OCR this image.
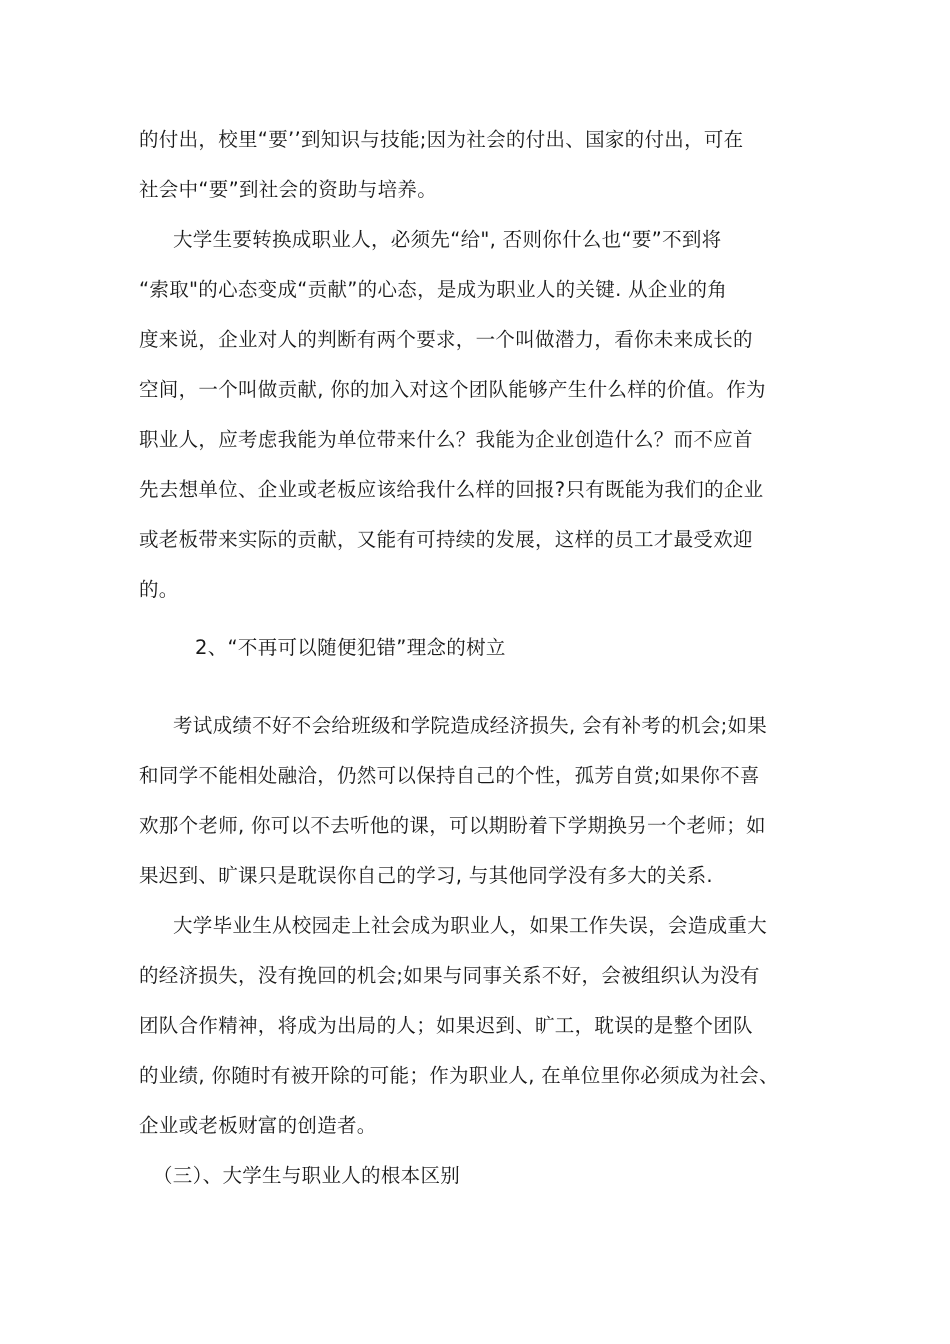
的付出，校里“要’’到知识与技能;因为社会的付出、国家的付出，可在
社会中“要”到社会的资助与培养。
大学生要转换成职业人，必须先“给", 否则你什么也“要”不到将
“索取"的心态变成“贡献”的心态，是成为职业人的关键. 从企业的角
度来说，企业对人的判断有两个要求，一个叫做潜力，看你未来成长的
空间，一个叫做贡献, 你的加入对这个团队能够产生什么样的价值。作为
职业人，应考虑我能为单位带来什么？我能为企业创造什么？而不应首
先去想单位、企业或老板应该给我什么样的回报?只有既能为我们的企业
或老板带来实际的贡献，又能有可持续的发展，这样的员工才最受欢迎
的。
2、“不再可以随便犯错”理念的树立
考试成绩不好不会给班级和学院造成经济损失, 会有补考的机会;如果
和同学不能相处融洽，仍然可以保持自己的个性，孤芳自赏;如果你不喜
欢那个老师, 你可以不去听他的课，可以期盼着下学期换另一个老师；如
果迟到、旷课只是耽误你自己的学习, 与其他同学没有多大的关系.
大学毕业生从校园走上社会成为职业人，如果工作失误，会造成重大
的经济损失，没有挽回的机会;如果与同事关系不好，会被组织认为没有
团队合作精神，将成为出局的人；如果迟到、旷工，耽误的是整个团队
的业绩, 你随时有被开除的可能；作为职业人, 在单位里你必须成为社会、
企业或老板财富的创造者。
（三）、大学生与职业人的根本区别
